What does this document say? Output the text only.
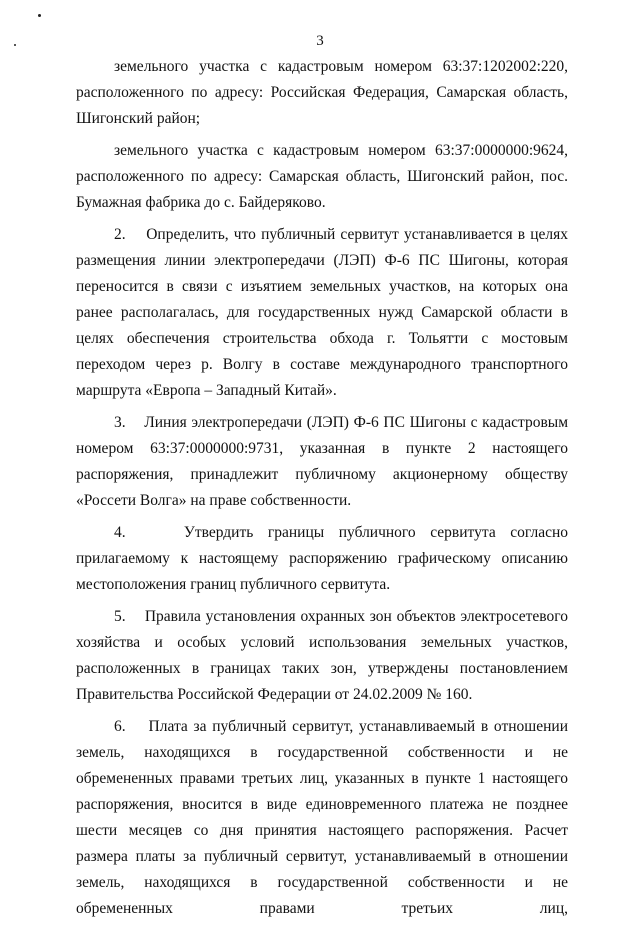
3

земельного участка с кадастровым номером 63:37:1202002:220, расположенного по адресу: Российская Федерация, Самарская область, Шигонский район;

земельного участка с кадастровым номером 63:37:0000000:9624, расположенного по адресу: Самарская область, Шигонский район, пос. Бумажная фабрика до с. Байдеряково.

2.    Определить, что публичный сервитут устанавливается в целях размещения линии электропередачи (ЛЭП) Ф-6 ПС Шигоны, которая переносится в связи с изъятием земельных участков, на которых она ранее располагалась, для государственных нужд Самарской области в целях обеспечения строительства обхода г. Тольятти с мостовым переходом через р. Волгу в составе международного транспортного маршрута «Европа – Западный Китай».

3.    Линия электропередачи (ЛЭП) Ф-6 ПС Шигоны с кадастровым номером 63:37:0000000:9731, указанная в пункте 2 настоящего распоряжения, принадлежит публичному акционерному обществу «Россети Волга» на праве собственности.

4.    Утвердить границы публичного сервитута согласно прилагаемому к настоящему распоряжению графическому описанию местоположения границ публичного сервитута.

5.    Правила установления охранных зон объектов электросетевого хозяйства и особых условий использования земельных участков, расположенных в границах таких зон, утверждены постановлением Правительства Российской Федерации от 24.02.2009 № 160.

6.    Плата за публичный сервитут, устанавливаемый в отношении земель, находящихся в государственной собственности и не обремененных правами третьих лиц, указанных в пункте 1 настоящего распоряжения, вносится в виде единовременного платежа не позднее шести месяцев со дня принятия настоящего распоряжения. Расчет размера платы за публичный сервитут, устанавливаемый в отношении земель, находящихся в государственной собственности и не обремененных правами третьих лиц,
